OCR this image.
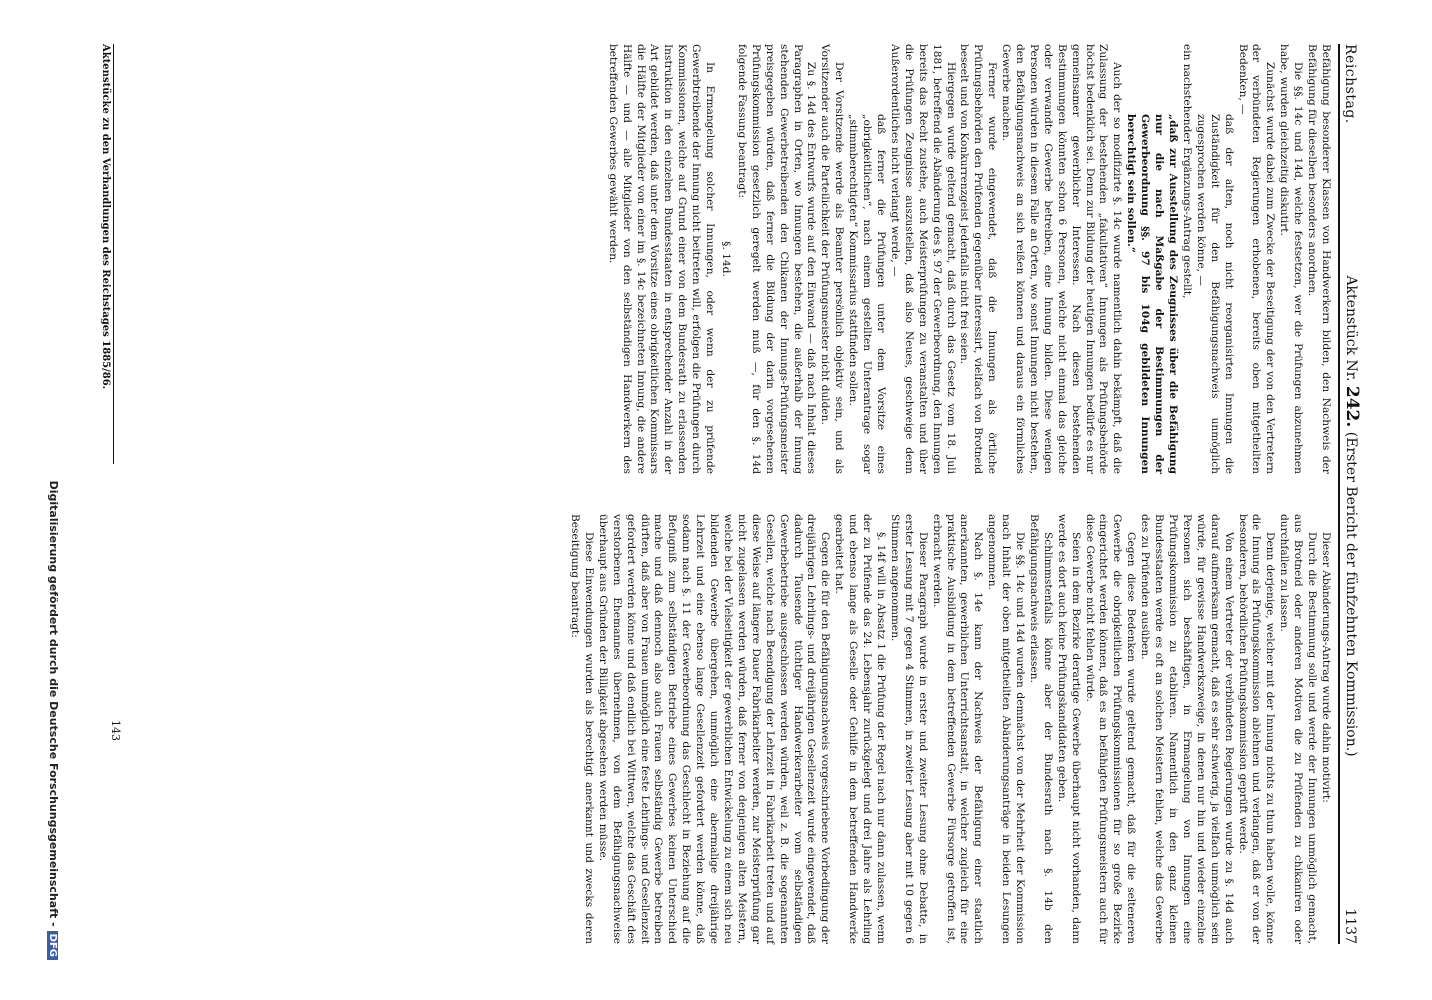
Reichstag.
Aktenstück Nr. 242. (Erster Bericht der fünfzehnten Kommission.)
1137

Befähigung besonderer Klassen von Handwerkern bilden, den Nachweis der Befähigung für dieselben besonders anordnen.

Die §§. 14c und 14d, welche festsetzen, wer die Prüfungen abzunehmen habe, wurden gleichzeitig diskutirt.

Zunächst wurde dabei zum Zwecke der Beseitigung der von den Vertretern der verbündeten Regierungen erhobenen, bereits oben mitgetheilten Bedenken, —

daß der alten, noch nicht reorganisirten Innungen die Zuständigkeit für den Befähigungsnachweis unmöglich zugesprochen werden könne, —

ein nachstehender Ergänzungs-Antrag gestellt,

„daß zur Ausstellung des Zeugnisses über die Befähigung nur die nach Maßgabe der Bestimmungen der Gewerbeordnung §§. 97 bis 104g gebildeten Innungen berechtigt sein sollen.“

Auch der so modifizirte §. 14c wurde namentlich dahin bekämpft, daß die Zulassung der bestehenden „fakultativen“ Innungen als Prüfungsbehörde höchst bedenklich sei. Denn zur Bildung der heutigen Innungen bedürfe es nur gemeinsamer gewerblicher Interessen. Nach diesen bestehenden Bestimmungen könnten schon 6 Personen, welche nicht einmal das gleiche oder verwandte Gewerbe betreiben, eine Innung bilden. Diese wenigen Personen würden in diesem Falle an Orten, wo sonst Innungen nicht bestehen, den Befähigungsnachweis an sich reißen können und daraus ein förmliches Gewerbe machen.

Ferner wurde eingewendet, daß die Innungen als örtliche Prüfungsbehörden den Prüfenden gegenüber interessirt, vielfach von Brotneid beseelt und von Konkurrenzgeist jedenfalls nicht frei seien.

Hiergegen wurde geltend gemacht, daß durch das Gesetz vom 18. Juli 1881, betreffend die Abänderung des §. 97 der Gewerbeordnung, den Innungen bereits das Recht zustehe, auch Meisterprüfungen zu veranstalten und über die Prüfungen Zeugnisse auszustellen, daß also Neues, geschweige denn Außerordentliches nicht verlangt werde, —

daß ferner die Prüfungen unter dem Vorsitze eines „obrigkeitlichen“, nach einem gestellten Unterantrage sogar „stimmberechtigten“ Kommissarius stattfinden sollen.

Der Vorsitzende werde als Beamter persönlich objektiv sein, und als Vorsitzender auch die Parteilichkeit der Prüfungsmeister nicht dulden.

Zu §. 14d des Entwurfs wurde auf den Einwand — daß nach Inhalt dieses Paragraphen in Orten, wo Innungen bestehen, die außerhalb der Innung stehenden Gewerbetreibenden den Chikanen der Innungs-Prüfungsmeister preisgegeben würden, daß ferner die Bildung der darin vorgesehenen Prüfungskommission gesetzlich geregelt werden muß —, für den §. 14d folgende Fassung beantragt:

§. 14d.

In Ermangelung solcher Innungen, oder wenn der zu prüfende Gewerbtreibende der Innung nicht beitreten will, erfolgen die Prüfungen durch Kommissionen, welche auf Grund einer von dem Bundesrath zu erlassenden Instruktion in den einzelnen Bundesstaaten in entsprechender Anzahl in der Art gebildet werden, daß unter dem Vorsitze eines obrigkeitlichen Kommissars die Hälfte der Mitglieder von einer im §. 14c bezeichneten Innung, die andere Hälfte — und — alle Mitglieder von den selbständigen Handwerkern des betreffenden Gewerbes gewählt werden.

Dieser Abänderungs-Antrag wurde dahin motivirt:

Durch die Bestimmung solle und werde der Innungen unmöglich gemacht, aus Brotneid oder anderen Motiven die zu Prüfenden zu chikaniren oder durchfallen zu lassen.

Denn derjenige, welcher mit der Innung nichts zu thun haben wolle, könne die Innung als Prüfungskommission ablehnen und verlangen, daß er von der besonderen, behördlichen Prüfungskommission geprüft werde.

Von einem Vertreter der verbündeten Regierungen wurde zu §. 14d auch darauf aufmerksam gemacht, daß es sehr schwierig, ja vielfach unmöglich sein würde, für gewisse Handwerkszweige, in denen nur hin und wieder einzelne Personen sich beschäftigen, in Ermangelung von Innungen eine Prüfungskommission zu etabliren. Namentlich in den ganz kleinen Bundesstaaten werde es oft an solchen Meistern fehlen, welche das Gewerbe des zu Prüfenden ausüben.

Gegen diese Bedenken wurde geltend gemacht, daß für die selteneren Gewerbe die obrigkeitlichen Prüfungskommissionen für so große Bezirke eingerichtet werden können, daß es an befähigten Prüfungsmeistern auch für diese Gewerbe nicht fehlen würde.

Seien in dem Bezirke derartige Gewerbe überhaupt nicht vorhanden, dann werde es dort auch keine Prüfungskandidaten geben.

Schlimmstenfalls könne aber der Bundesrath nach §. 14b den Befähigungsnachweis erlassen.

Die §§. 14c und 14d wurden demnächst von der Mehrheit der Kommission nach Inhalt der oben mitgetheilten Abänderungsanträge in beiden Lesungen angenommen.

Nach §. 14e kann der Nachweis der Befähigung einer staatlich anerkannten, gewerblichen Unterrichtsanstalt, in welcher zugleich für eine praktische Ausbildung in dem betreffenden Gewerbe Fürsorge getroffen ist, erbracht werden.

Dieser Paragraph wurde in erster und zweiter Lesung ohne Debatte, in erster Lesung mit 7 gegen 4 Stimmen, in zweiter Lesung aber mit 10 gegen 6 Stimmen angenommen.

§. 14f will in Absatz 1 die Prüfung der Regel nach nur dann zulassen, wenn der zu Prüfende das 24. Lebensjahr zurückgelegt und drei Jahre als Lehrling und ebenso lange als Geselle oder Gehilfe in dem betreffenden Handwerke gearbeitet hat.

Gegen die für den Befähigungsnachweis vorgeschriebene Vorbedingung der dreijährigen Lehrlings- und dreijährigen Gesellenzeit wurde eingewendet, daß dadurch Tausende tüchtiger Handwerkerarbeiter vom selbständigen Gewerbebetriebe ausgeschlossen werden würden, weil z. B. die sogenannten Gesellen, welche nach Beendigung der Lehrzeit in Fabrikarbeit treten und auf diese Weise auf längere Dauer Fabrikarbeiter werden, zur Meisterprüfung gar nicht zugelassen werden würden, daß ferner von denjenigen alten Meistern, welche bei der Vielseitigkeit der gewerblichen Entwickelung zu einem sich neu bildenden Gewerbe übergehen, unmöglich eine abermalige dreijährige Lehrzeit und eine ebenso lange Gesellenzeit gefordert werden könne, daß sodann nach §. 11 der Gewerbeordnung das Geschlecht in Beziehung auf die Befugniß zum selbständigen Betriebe eines Gewerbes keinen Unterschied mache und daß dennoch also auch Frauen selbständig Gewerbe betreiben dürften, daß aber von Frauen unmöglich eine feste Lehrlings- und Gesellenzeit gefordert werden könne und daß endlich bei Wittwen, welche das Geschäft des verstorbenen Ehemannes übernehmen, von dem Befähigungsnachweise überhaupt aus Gründen der Billigkeit abgesehen werden müsse.

Diese Einwendungen wurden als berechtigt anerkannt und zwecks deren Beseitigung beantragt:

Aktenstücke zu den Verhandlungen des Reichstages 1885/86.
143
Digitalisierung gefördert durch die Deutsche Forschungsgemeinschaft -DFG
